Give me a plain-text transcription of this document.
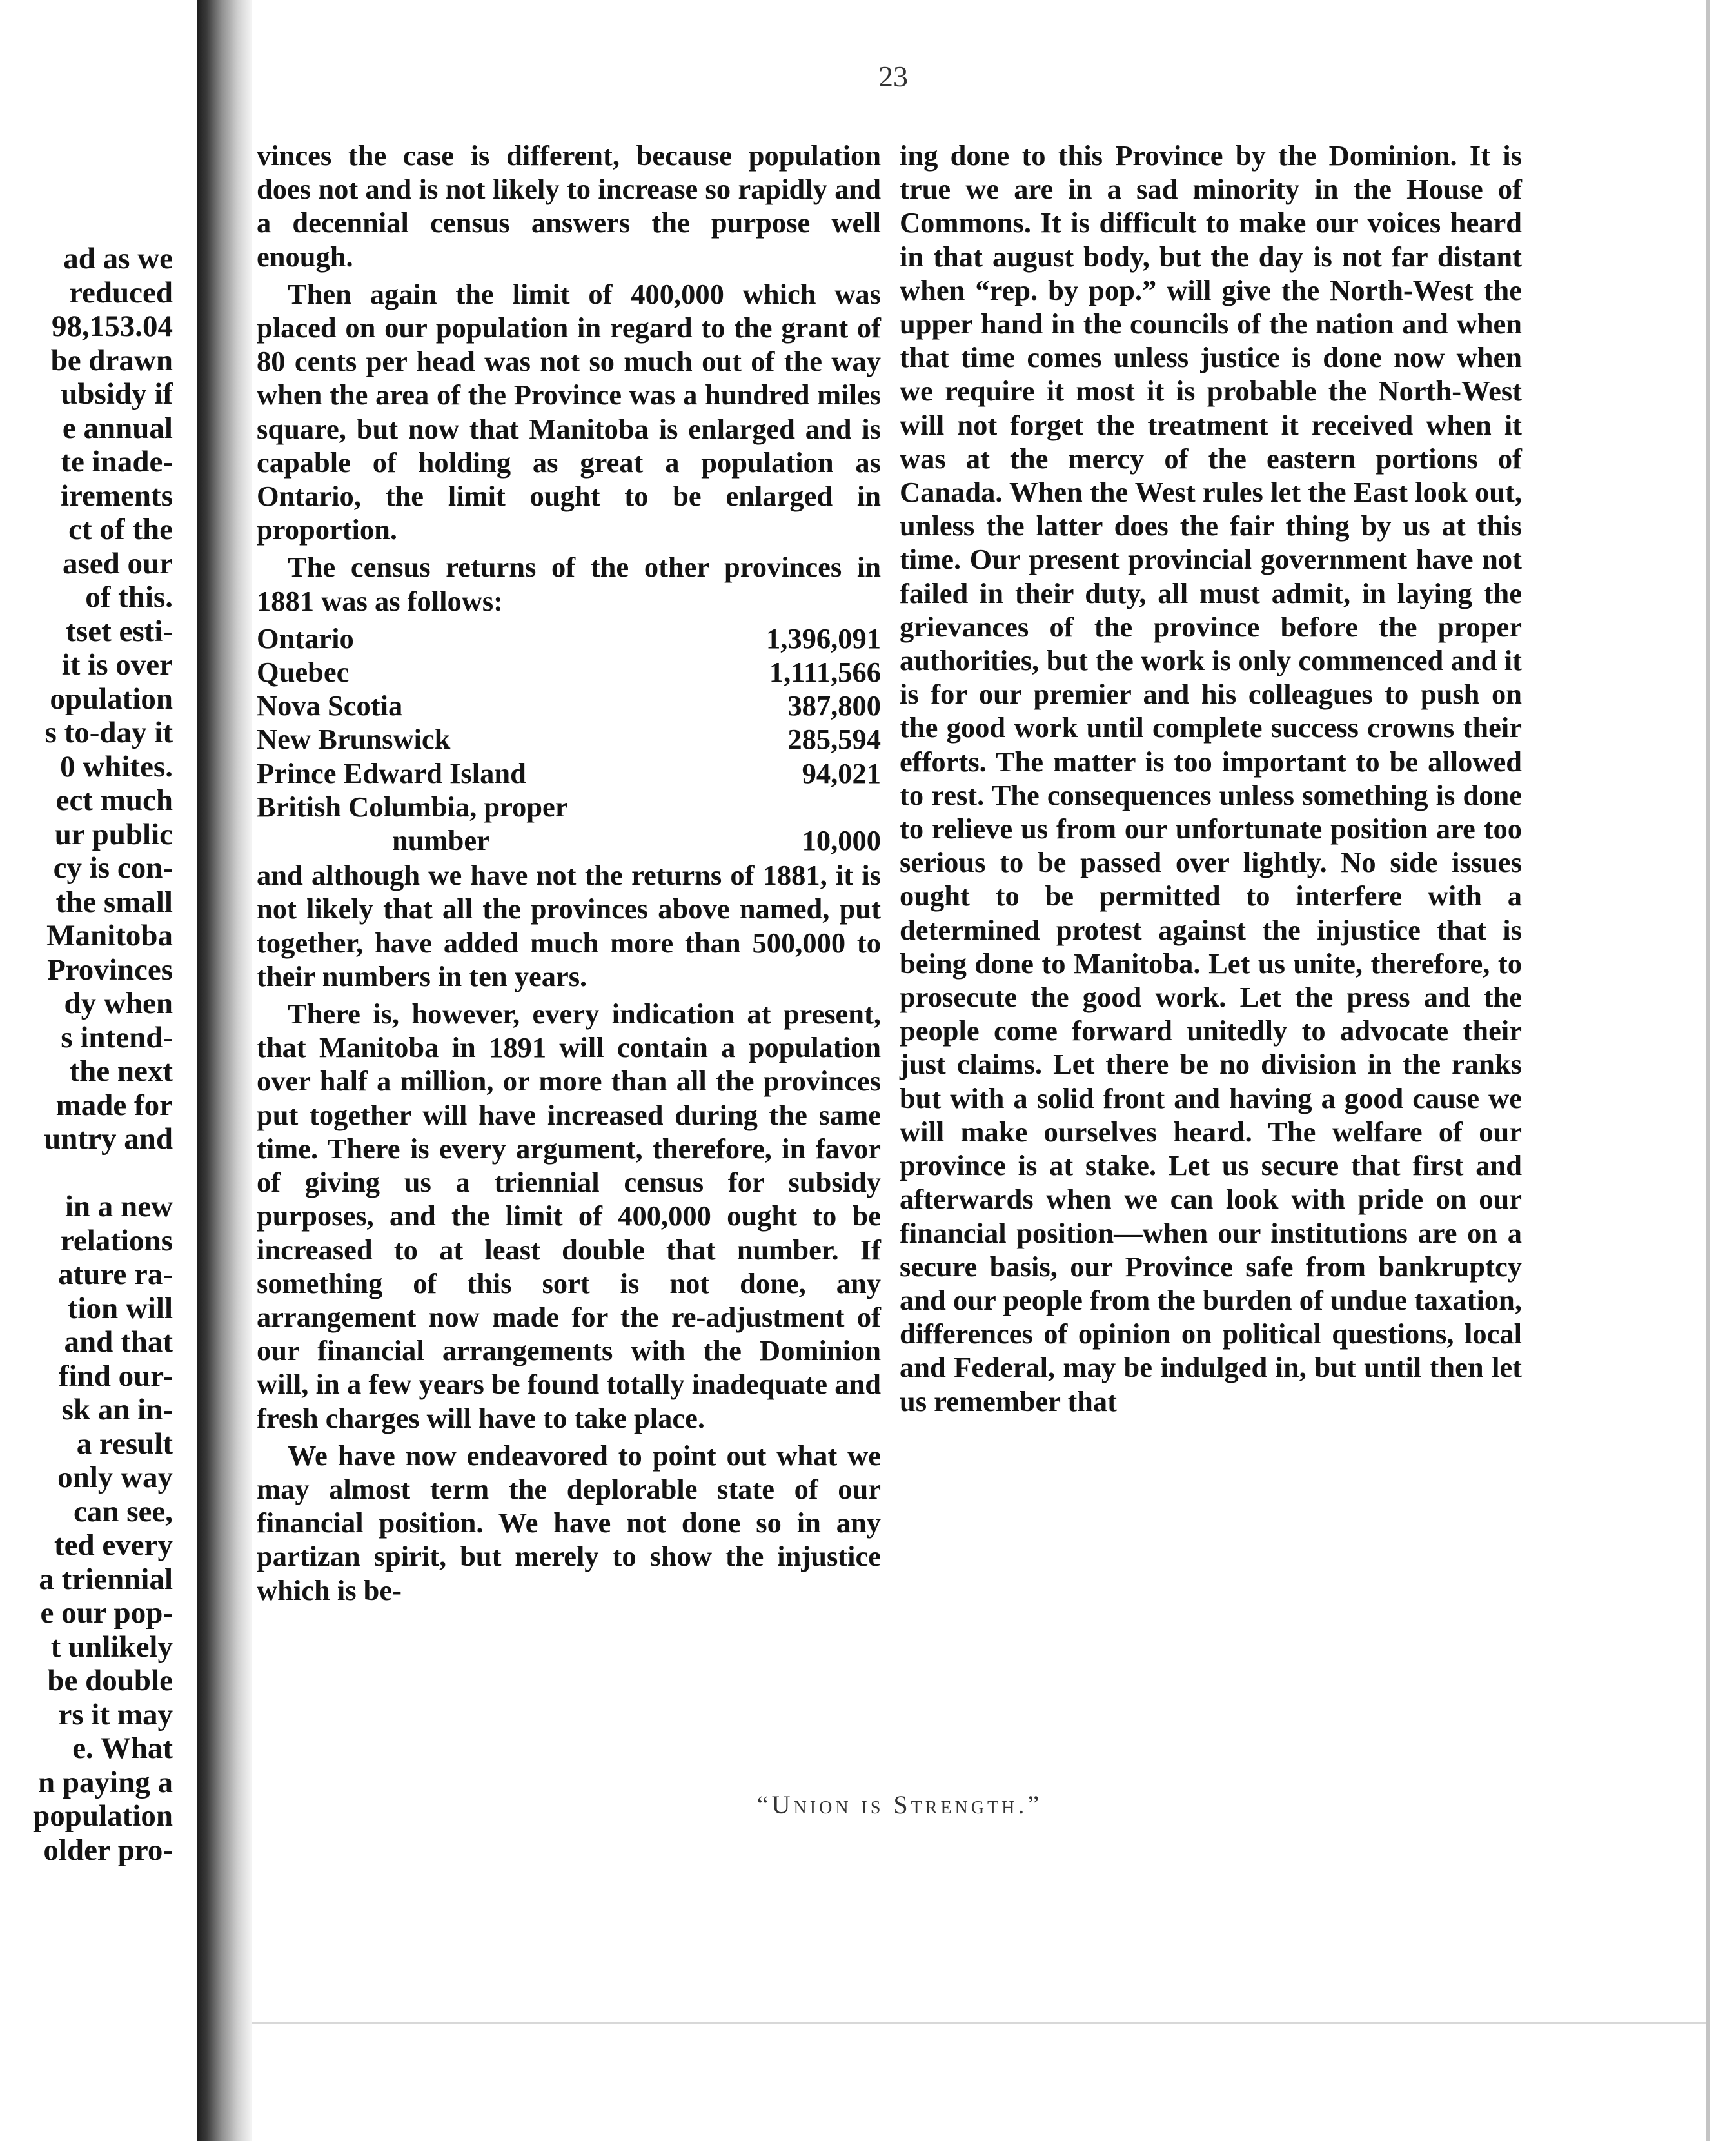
ad as we
reduced
98,153.04
be drawn
ubsidy if
e annual
te inade-
irements
ct of the
ased our
of this.
tset esti-
it is over
opulation
s to-day it
0 whites.
ect much
ur public
cy is con-
the small
Manitoba
Provinces
dy when
s intend-
the next
made for
untry and
in a new
relations
ature ra-
tion will
and that
find our-
sk an in-
a result
only way
can see,
ted every
a triennial
e our pop-
t unlikely
be double
rs it may
e. What
n paying a
population
older pro-
23

vinces the case is different, because population does not and is not likely to increase so rapidly and a decennial census answers the purpose well enough.

Then again the limit of 400,000 which was placed on our population in regard to the grant of 80 cents per head was not so much out of the way when the area of the Province was a hundred miles square, but now that Manitoba is enlarged and is capable of holding as great a population as Ontario, the limit ought to be enlarged in proportion.

The census returns of the other provinces in 1881 was as follows:

Ontario	1,396,091
Quebec	1,111,566
Nova Scotia	387,800
New Brunswick	285,594
Prince Edward Island	94,021
British Columbia, proper	
number	10,000

and although we have not the returns of 1881, it is not likely that all the provinces above named, put together, have added much more than 500,000 to their numbers in ten years.

There is, however, every indication at present, that Manitoba in 1891 will contain a population over half a million, or more than all the provinces put together will have increased during the same time. There is every argument, therefore, in favor of giving us a triennial census for subsidy purposes, and the limit of 400,000 ought to be increased to at least double that number. If something of this sort is not done, any arrangement now made for the re-adjustment of our financial arrangements with the Dominion will, in a few years be found totally inadequate and fresh charges will have to take place.

We have now endeavored to point out what we may almost term the deplorable state of our financial position. We have not done so in any partizan spirit, but merely to show the injustice which is be-

ing done to this Province by the Dominion. It is true we are in a sad minority in the House of Commons. It is difficult to make our voices heard in that august body, but the day is not far distant when “rep. by pop.” will give the North-West the upper hand in the councils of the nation and when that time comes unless justice is done now when we require it most it is probable the North-West will not forget the treatment it received when it was at the mercy of the eastern portions of Canada. When the West rules let the East look out, unless the latter does the fair thing by us at this time. Our present provincial government have not failed in their duty, all must admit, in laying the grievances of the province before the proper authorities, but the work is only commenced and it is for our premier and his colleagues to push on the good work until complete success crowns their efforts. The matter is too important to be allowed to rest. The consequences unless something is done to relieve us from our unfortunate position are too serious to be passed over lightly. No side issues ought to be permitted to interfere with a determined protest against the injustice that is being done to Manitoba. Let us unite, therefore, to prosecute the good work. Let the press and the people come forward unitedly to advocate their just claims. Let there be no division in the ranks but with a solid front and having a good cause we will make ourselves heard. The welfare of our province is at stake. Let us secure that first and afterwards when we can look with pride on our financial position—when our institutions are on a secure basis, our Province safe from bankruptcy and our people from the burden of undue taxation, differences of opinion on political questions, local and Federal, may be indulged in, but until then let us remember that

“Union is Strength.”
